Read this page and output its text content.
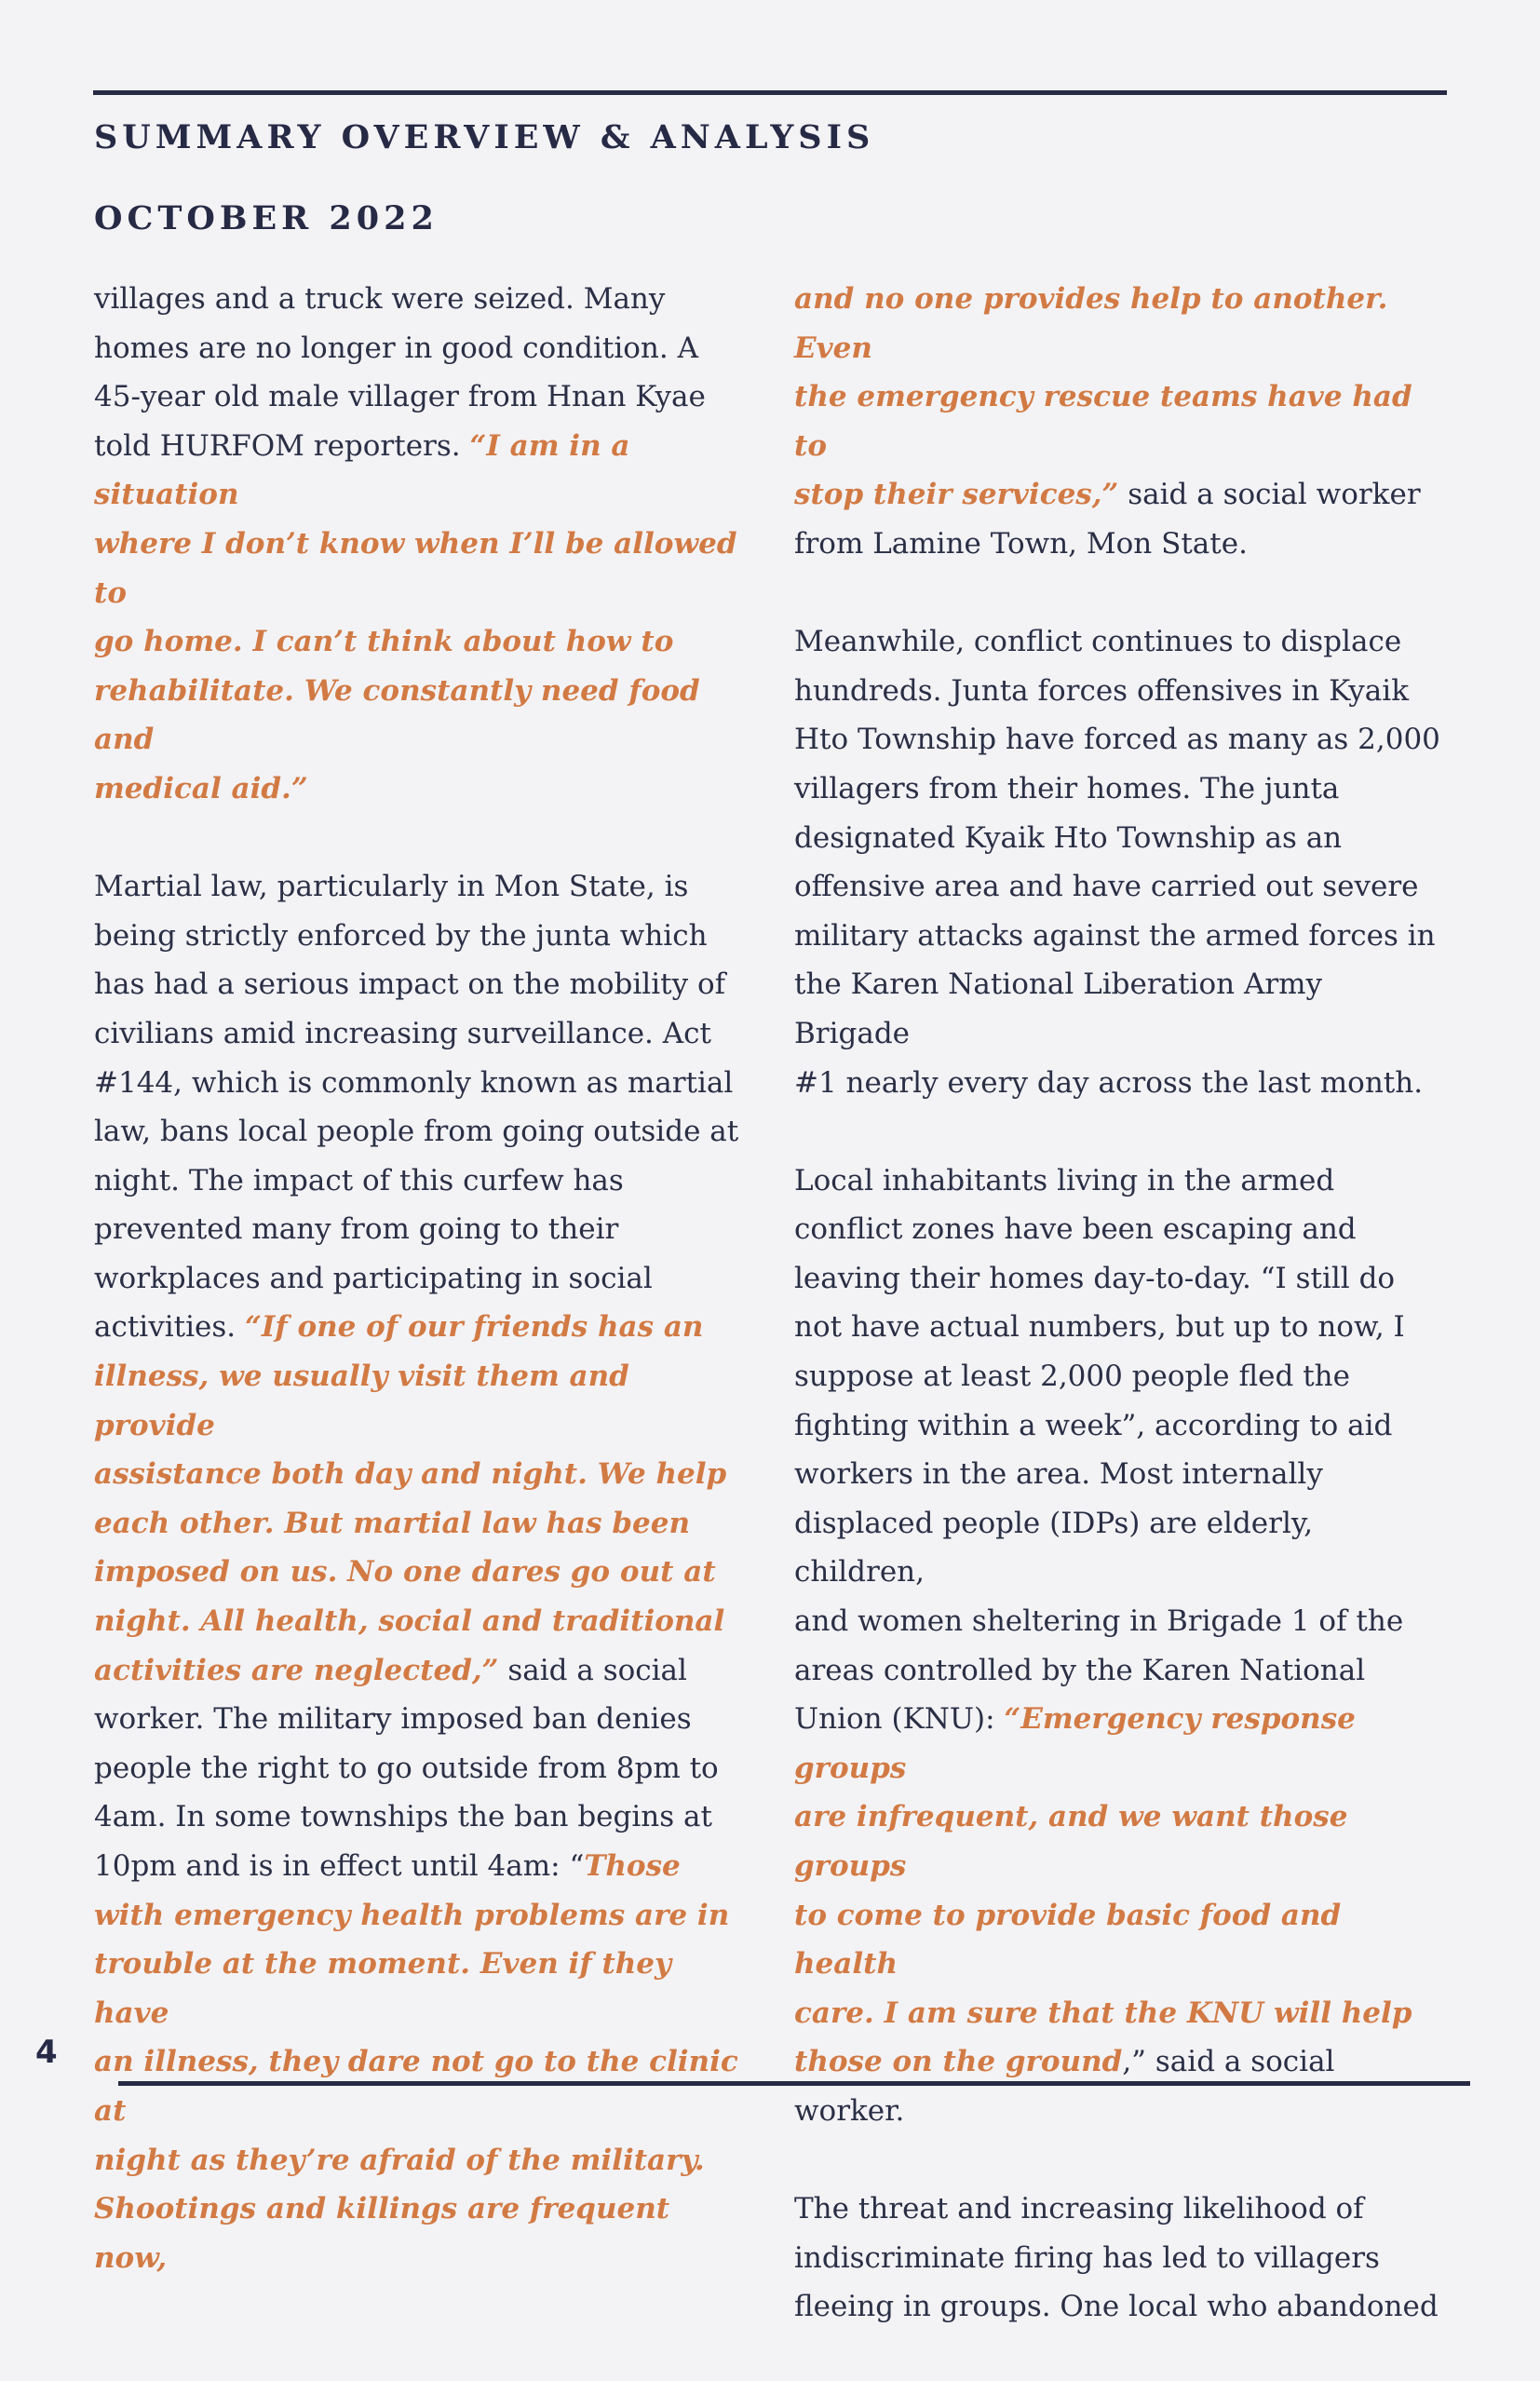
SUMMARY OVERVIEW & ANALYSIS
OCTOBER 2022

villages and a truck were seized. Many
homes are no longer in good condition. A
45-year old male villager from Hnan Kyae
told HURFOM reporters. “I am in a situation
where I don’t know when I’ll be allowed to
go home. I can’t think about how to
rehabilitate. We constantly need food and
medical aid.”

Martial law, particularly in Mon State, is
being strictly enforced by the junta which
has had a serious impact on the mobility of
civilians amid increasing surveillance. Act
#144, which is commonly known as martial
law, bans local people from going outside at
night. The impact of this curfew has
prevented many from going to their
workplaces and participating in social
activities. “If one of our friends has an
illness, we usually visit them and provide
assistance both day and night. We help
each other. But martial law has been
imposed on us. No one dares go out at
night. All health, social and traditional
activities are neglected,” said a social
worker. The military imposed ban denies
people the right to go outside from 8pm to
4am. In some townships the ban begins at
10pm and is in effect until 4am: “Those
with emergency health problems are in
trouble at the moment. Even if they have
an illness, they dare not go to the clinic at
night as they’re afraid of the military.
Shootings and killings are frequent now,

and no one provides help to another. Even
the emergency rescue teams have had to
stop their services,” said a social worker
from Lamine Town, Mon State.

Meanwhile, conflict continues to displace
hundreds. Junta forces offensives in Kyaik
Hto Township have forced as many as 2,000
villagers from their homes. The junta
designated Kyaik Hto Township as an
offensive area and have carried out severe
military attacks against the armed forces in
the Karen National Liberation Army Brigade
#1 nearly every day across the last month.

Local inhabitants living in the armed
conflict zones have been escaping and
leaving their homes day-to-day. “I still do
not have actual numbers, but up to now, I
suppose at least 2,000 people fled the
fighting within a week”, according to aid
workers in the area. Most internally
displaced people (IDPs) are elderly, children,
and women sheltering in Brigade 1 of the
areas controlled by the Karen National
Union (KNU): “Emergency response groups
are infrequent, and we want those groups
to come to provide basic food and health
care. I am sure that the KNU will help
those on the ground,” said a social worker.

The threat and increasing likelihood of
indiscriminate firing has led to villagers
fleeing in groups. One local who abandoned

4
